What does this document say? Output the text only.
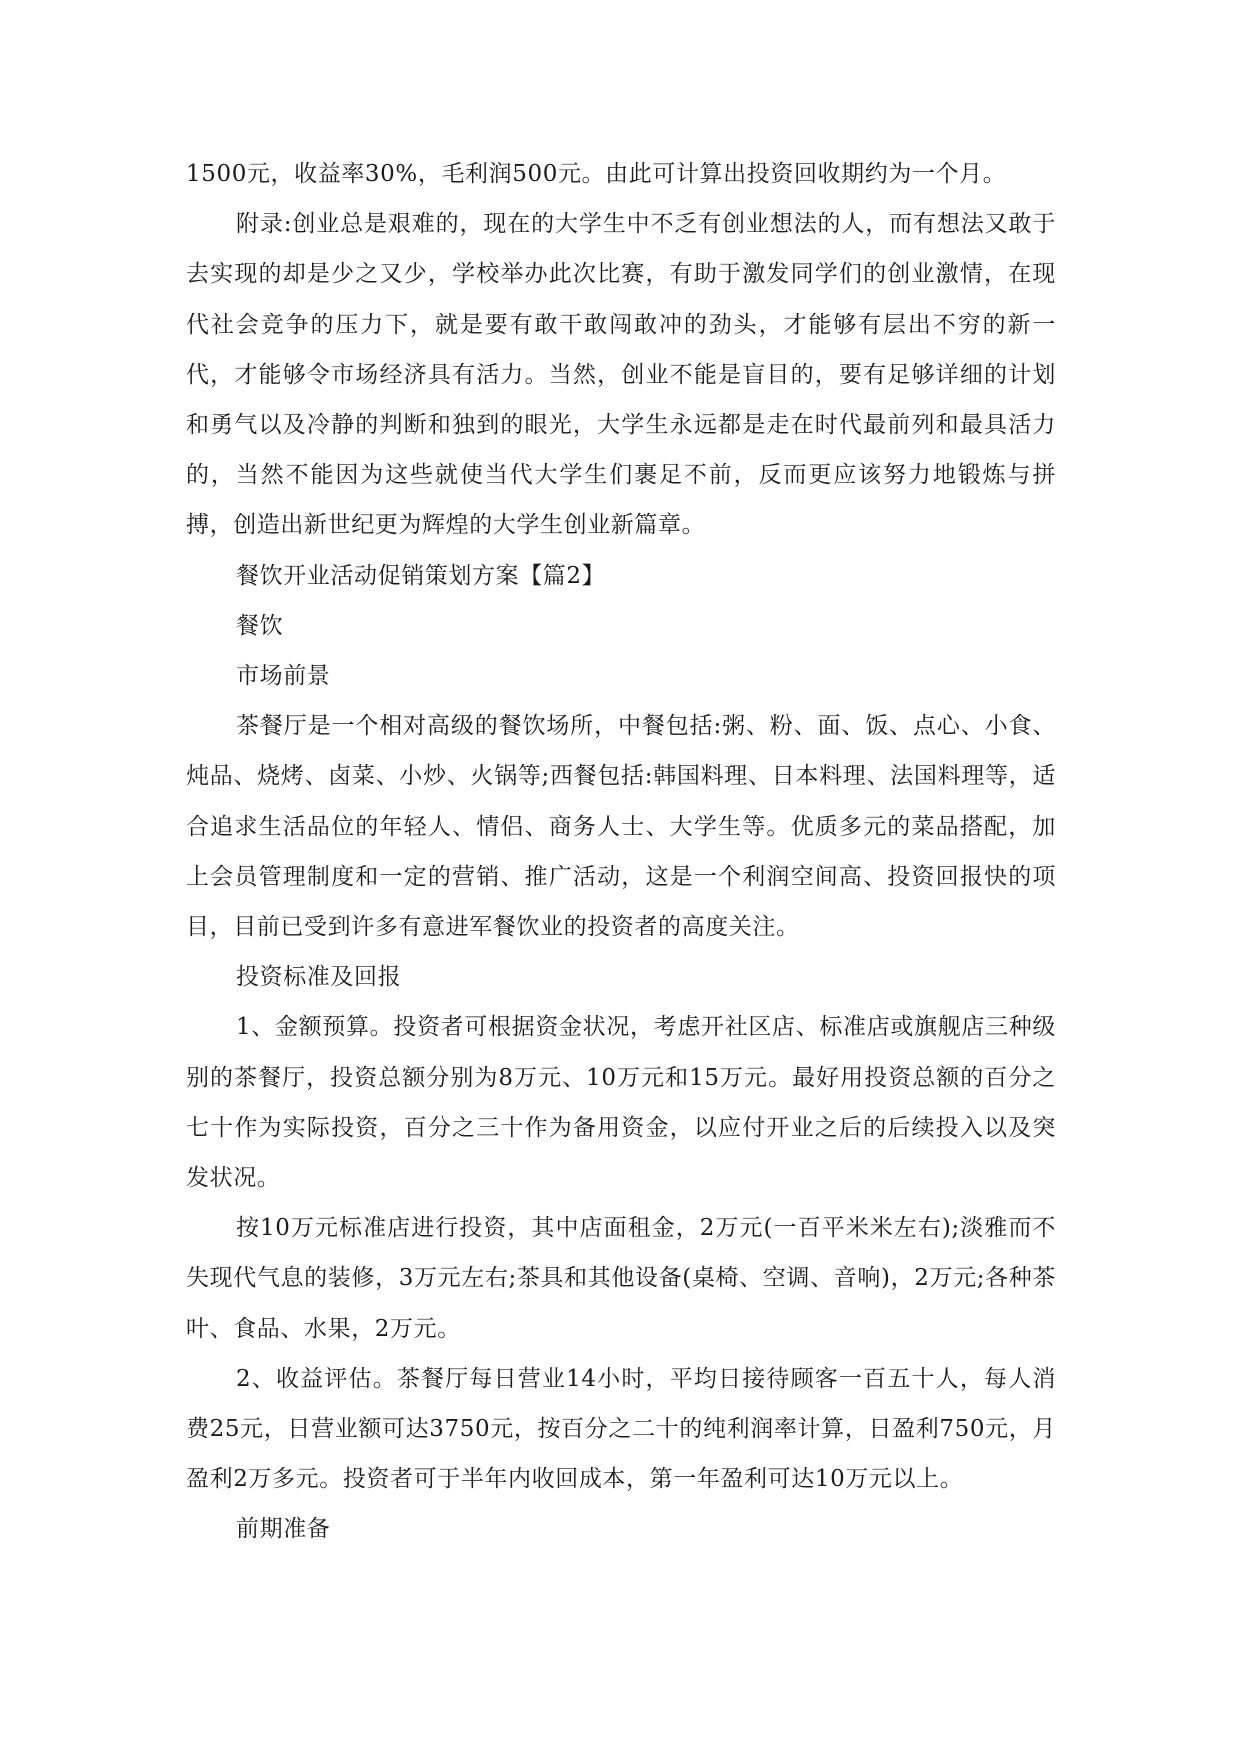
1500元，收益率30%，毛利润500元。由此可计算出投资回收期约为一个月。

附录:创业总是艰难的，现在的大学生中不乏有创业想法的人，而有想法又敢于去实现的却是少之又少，学校举办此次比赛，有助于激发同学们的创业激情，在现代社会竞争的压力下，就是要有敢干敢闯敢冲的劲头，才能够有层出不穷的新一代，才能够令市场经济具有活力。当然，创业不能是盲目的，要有足够详细的计划和勇气以及冷静的判断和独到的眼光，大学生永远都是走在时代最前列和最具活力的，当然不能因为这些就使当代大学生们裹足不前，反而更应该努力地锻炼与拼搏，创造出新世纪更为辉煌的大学生创业新篇章。

餐饮开业活动促销策划方案【篇2】

餐饮

市场前景

茶餐厅是一个相对高级的餐饮场所，中餐包括:粥、粉、面、饭、点心、小食、炖品、烧烤、卤菜、小炒、火锅等;西餐包括:韩国料理、日本料理、法国料理等，适合追求生活品位的年轻人、情侣、商务人士、大学生等。优质多元的菜品搭配，加上会员管理制度和一定的营销、推广活动，这是一个利润空间高、投资回报快的项目，目前已受到许多有意进军餐饮业的投资者的高度关注。

投资标准及回报

1、金额预算。投资者可根据资金状况，考虑开社区店、标准店或旗舰店三种级别的茶餐厅，投资总额分别为8万元、10万元和15万元。最好用投资总额的百分之七十作为实际投资，百分之三十作为备用资金，以应付开业之后的后续投入以及突发状况。

按10万元标准店进行投资，其中店面租金，2万元(一百平米米左右);淡雅而不失现代气息的装修，3万元左右;茶具和其他设备(桌椅、空调、音响)，2万元;各种茶叶、食品、水果，2万元。

2、收益评估。茶餐厅每日营业14小时，平均日接待顾客一百五十人，每人消费25元，日营业额可达3750元，按百分之二十的纯利润率计算，日盈利750元，月盈利2万多元。投资者可于半年内收回成本，第一年盈利可达10万元以上。

前期准备
